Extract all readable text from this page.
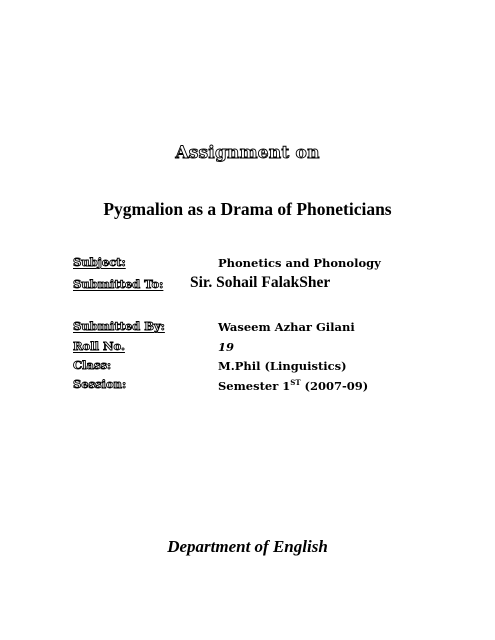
Assignment on
Pygmalion as a Drama of Phoneticians
Subject:	Phonetics and Phonology
Submitted To: Sir. Sohail FalakSher
Submitted By:	Waseem Azhar Gilani
Roll No.	19
Class:	M.Phil (Linguistics)
Session:	Semester 1ST (2007-09)
Department of English
